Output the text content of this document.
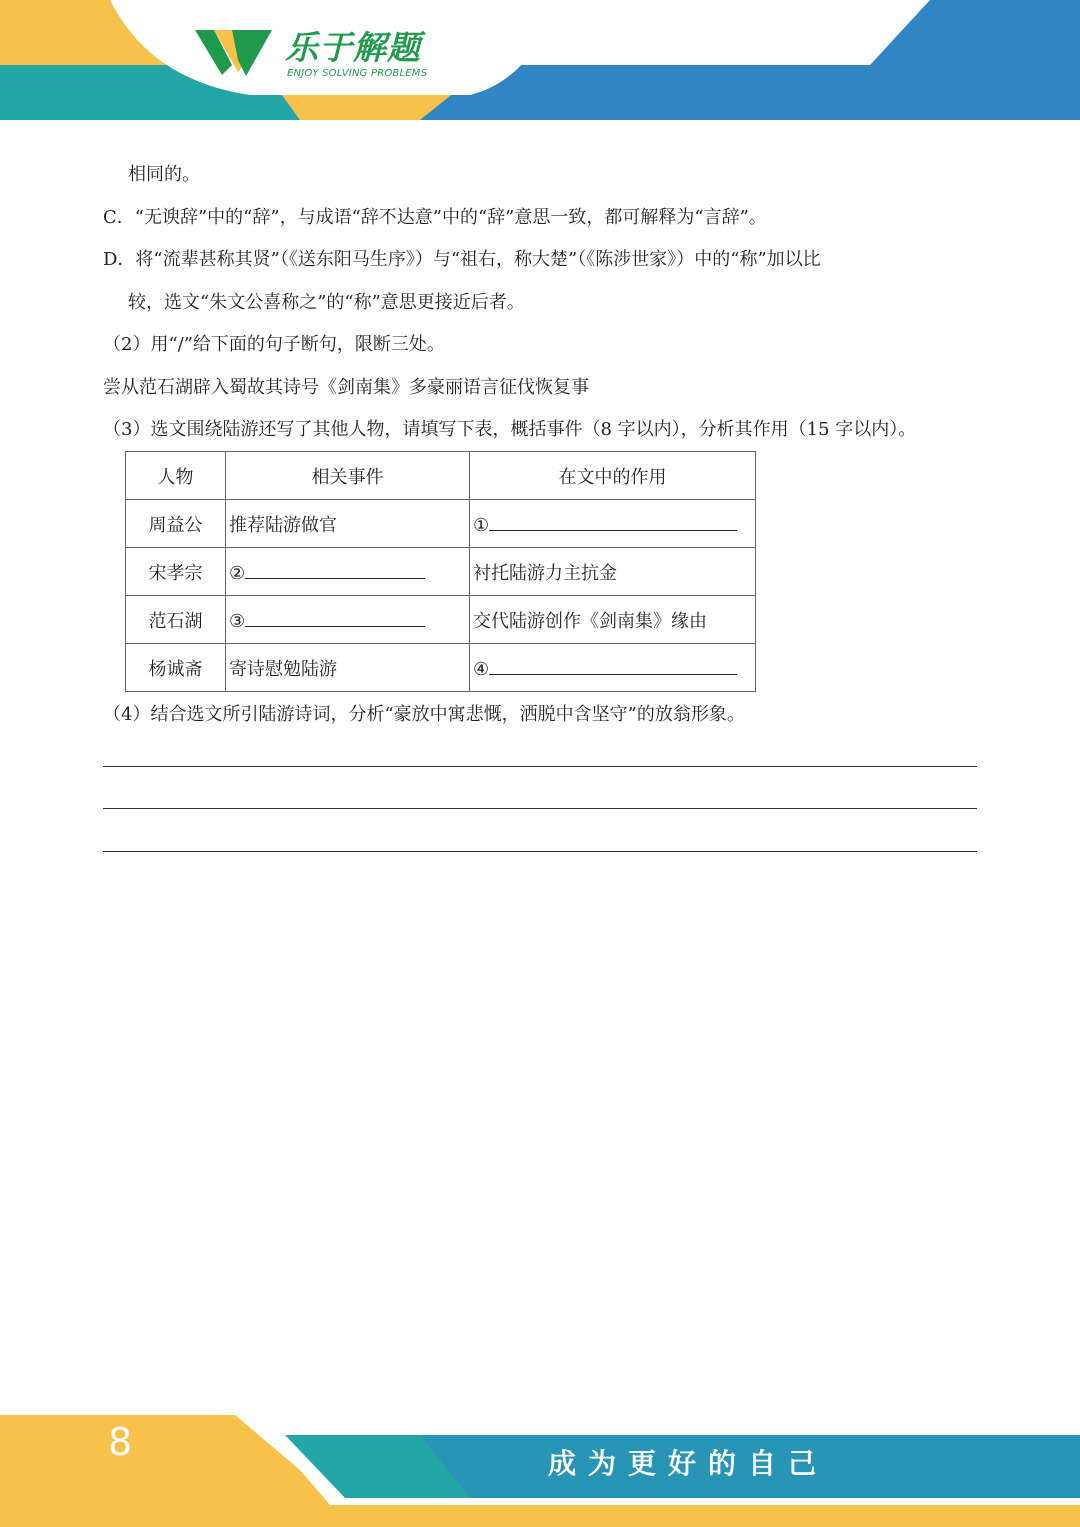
乐于解题
ENJOY SOLVING PROBLEMS
相同的。
C．“无谀辞”中的“辞”，与成语“辞不达意”中的“辞”意思一致，都可解释为“言辞”。
D．将“流辈甚称其贤”（《送东阳马生序》）与“祖右，称大楚”（《陈涉世家》）中的“称”加以比
较，选文“朱文公喜称之”的“称”意思更接近后者。
（2）用“/”给下面的句子断句，限断三处。
尝从范石湖辟入蜀故其诗号《剑南集》多豪丽语言征伐恢复事
（3）选文围绕陆游还写了其他人物，请填写下表，概括事件（8 字以内），分析其作用（15 字以内）。
人物	相关事件	在文中的作用
周益公	推荐陆游做官	①
宋孝宗	②	衬托陆游力主抗金
范石湖	③	交代陆游创作《剑南集》缘由
杨诚斋	寄诗慰勉陆游	④
（4）结合选文所引陆游诗词，分析“豪放中寓悲慨，洒脱中含坚守”的放翁形象。
8	成为更好的自己
